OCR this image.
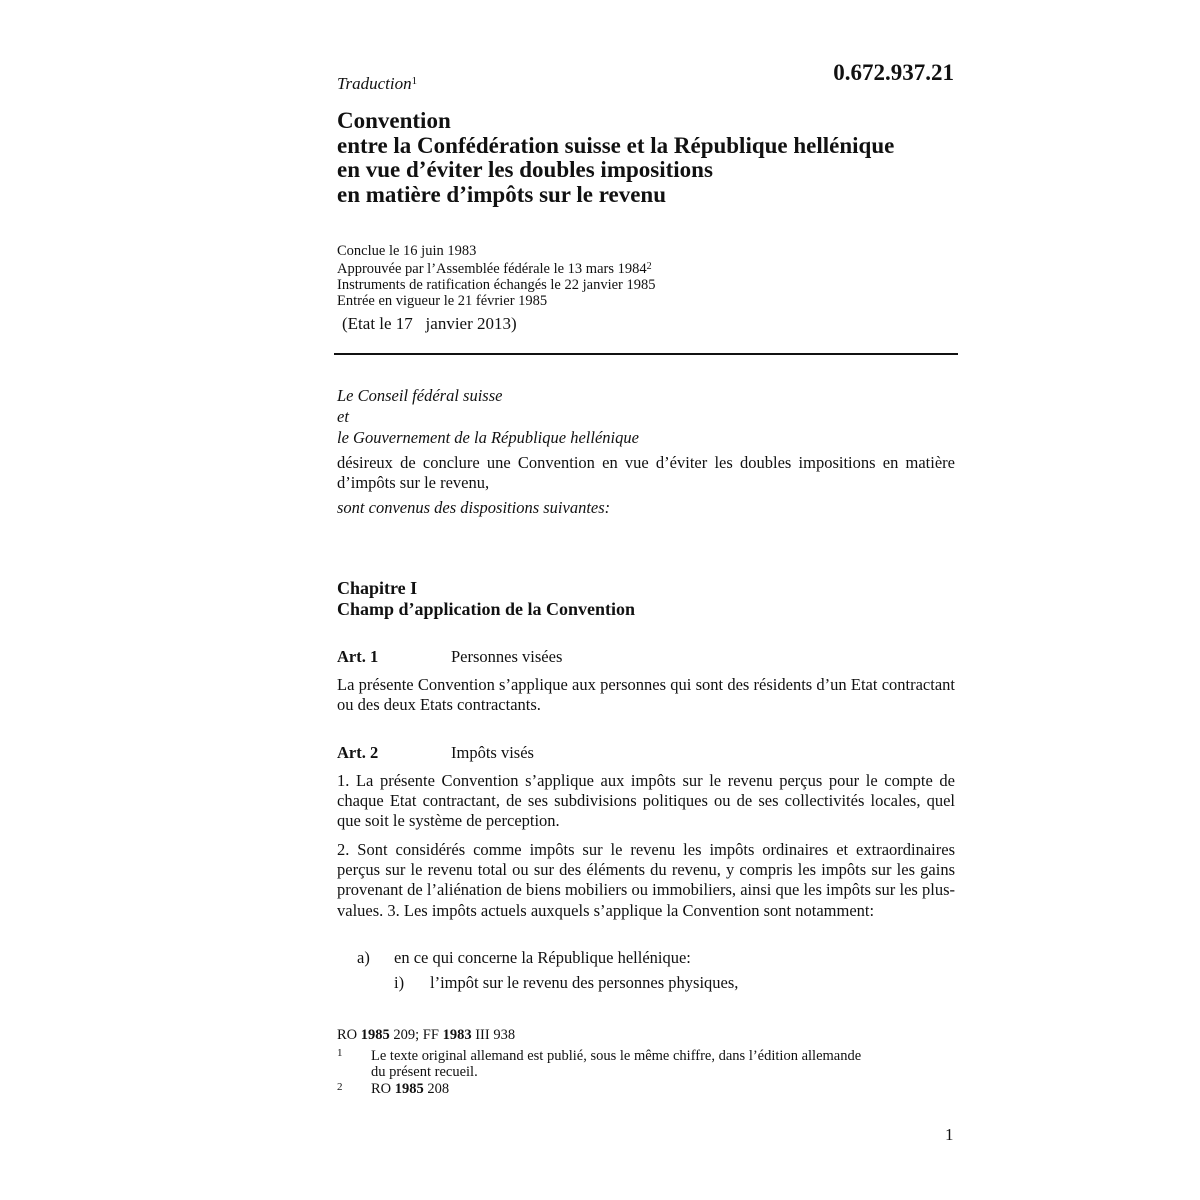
Traduction$^1$	0.672.937.21
Convention
entre la Confédération suisse et la République hellénique
en vue d’éviter les doubles impositions
en matière d’impôts sur le revenu
Conclue le 16 juin 1983
Approuvée par l’Assemblée fédérale le 13 mars 1984$^2$
Instruments de ratification échangés le 22 janvier 1985
Entrée en vigueur le 21 février 1985
(Etat le 17   janvier 2013)
Le Conseil fédéral suisse
et
le Gouvernement de la République hellénique
désireux de conclure une Convention en vue d’éviter les doubles impositions en matière d’impôts sur le revenu,
sont convenus des dispositions suivantes:
Chapitre I
Champ d’application de la Convention
Art. 1	Personnes visées
La présente Convention s’applique aux personnes qui sont des résidents d’un Etat contractant ou des deux Etats contractants.
Art. 2	Impôts visés
1. La présente Convention s’applique aux impôts sur le revenu perçus pour le compte de chaque Etat contractant, de ses subdivisions politiques ou de ses collectivités locales, quel que soit le système de perception.
2. Sont considérés comme impôts sur le revenu les impôts ordinaires et extraordinaires perçus sur le revenu total ou sur des éléments du revenu, y compris les impôts sur les gains provenant de l’aliénation de biens mobiliers ou immobiliers, ainsi que les impôts sur les plus-values. 3. Les impôts actuels auxquels s’applique la Convention sont notamment:
a) en ce qui concerne la République hellénique:
i) l’impôt sur le revenu des personnes physiques,
RO 1985 209; FF 1983 III 938
1 Le texte original allemand est publié, sous le même chiffre, dans l’édition allemande
du présent recueil.
2 RO 1985 208
1
